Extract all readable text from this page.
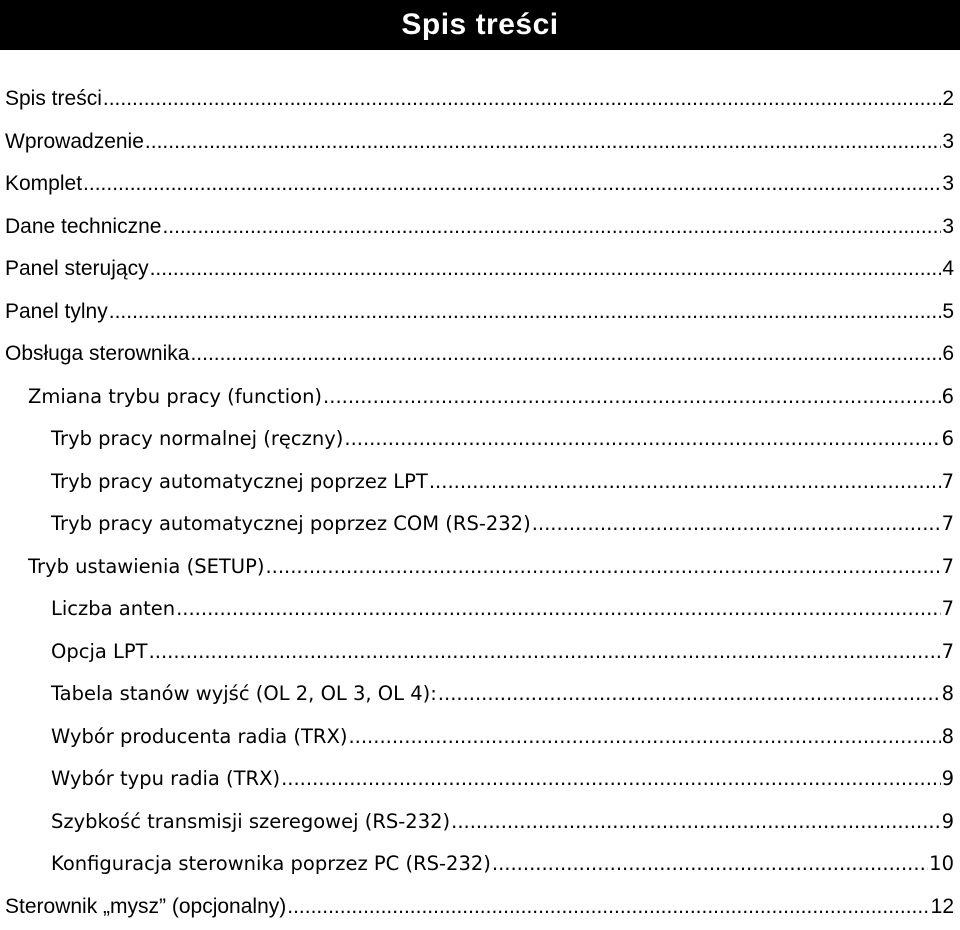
Spis treści
Spis treści .....	2
Wprowadzenie .....	3
Komplet .....	3
Dane techniczne .....	3
Panel sterujący .....	4
Panel tylny .....	5
Obsługa sterownika .....	6
Zmiana trybu pracy (function) .....	6
Tryb pracy normalnej (ręczny) .....	6
Tryb pracy automatycznej poprzez LPT .....	7
Tryb pracy automatycznej poprzez COM (RS-232) .....	7
Tryb ustawienia (SETUP) .....	7
Liczba anten .....	7
Opcja LPT .....	7
Tabela stanów wyjść (OL 2, OL 3, OL 4): .....	8
Wybór producenta radia (TRX) .....	8
Wybór typu radia (TRX) .....	9
Szybkość transmisji szeregowej (RS-232) .....	9
Konfiguracja sterownika poprzez PC (RS-232) .....	10
Sterownik „mysz” (opcjonalny) .....	12
